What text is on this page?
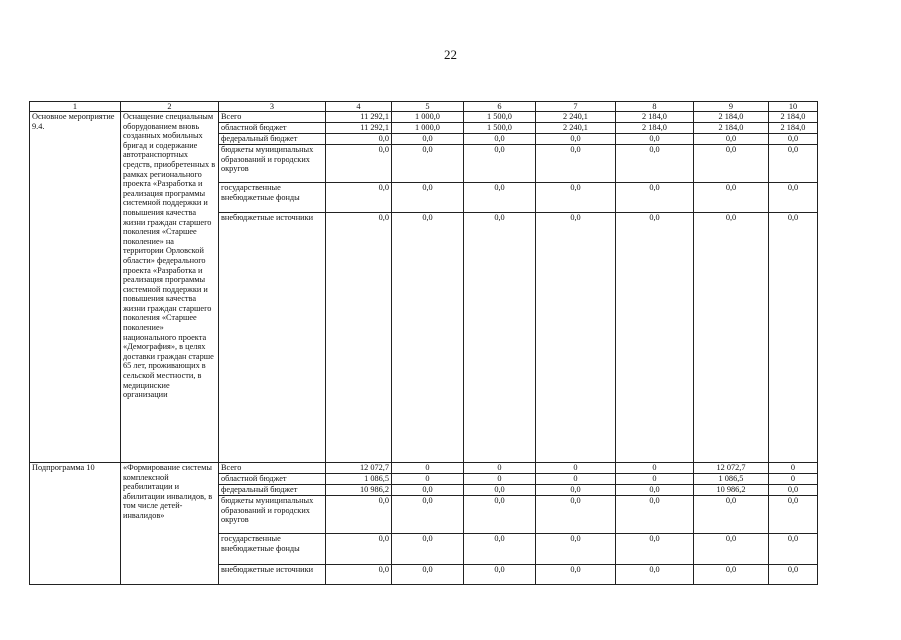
22
1	2	3	4	5	6	7	8	9	10
Основное мероприятие 9.4.	Оснащение специальным оборудованием вновь созданных мобильных бригад и содержание автотранспортных средств, приобретенных в рамках регионального проекта «Разработка и реализация программы системной поддержки и повышения качества жизни граждан старшего поколения «Старшее поколение» на территории Орловской области» федерального проекта «Разработка и реализация программы системной поддержки и повышения качества жизни граждан старшего поколения «Старшее поколение» национального проекта «Демография», в целях доставки граждан старше 65 лет, проживающих в сельской местности, в медицинские организации	Всего	11 292,1	1 000,0	1 500,0	2 240,1	2 184,0	2 184,0	2 184,0
		областной бюджет	11 292,1	1 000,0	1 500,0	2 240,1	2 184,0	2 184,0	2 184,0
		федеральный бюджет	0,0	0,0	0,0	0,0	0,0	0,0	0,0
		бюджеты муниципальных образований и городских округов	0,0	0,0	0,0	0,0	0,0	0,0	0,0
		государственные внебюджетные фонды	0,0	0,0	0,0	0,0	0,0	0,0	0,0
		внебюджетные источники	0,0	0,0	0,0	0,0	0,0	0,0	0,0
Подпрограмма 10	«Формирование системы комплексной реабилитации и абилитации инвалидов, в том числе детей-инвалидов»	Всего	12 072,7	0	0	0	0	12 072,7	0
		областной бюджет	1 086,5	0	0	0	0	1 086,5	0
		федеральный бюджет	10 986,2	0,0	0,0	0,0	0,0	10 986,2	0,0
		бюджеты муниципальных образований и городских округов	0,0	0,0	0,0	0,0	0,0	0,0	0,0
		государственные внебюджетные фонды	0,0	0,0	0,0	0,0	0,0	0,0	0,0
		внебюджетные источники	0,0	0,0	0,0	0,0	0,0	0,0	0,0
